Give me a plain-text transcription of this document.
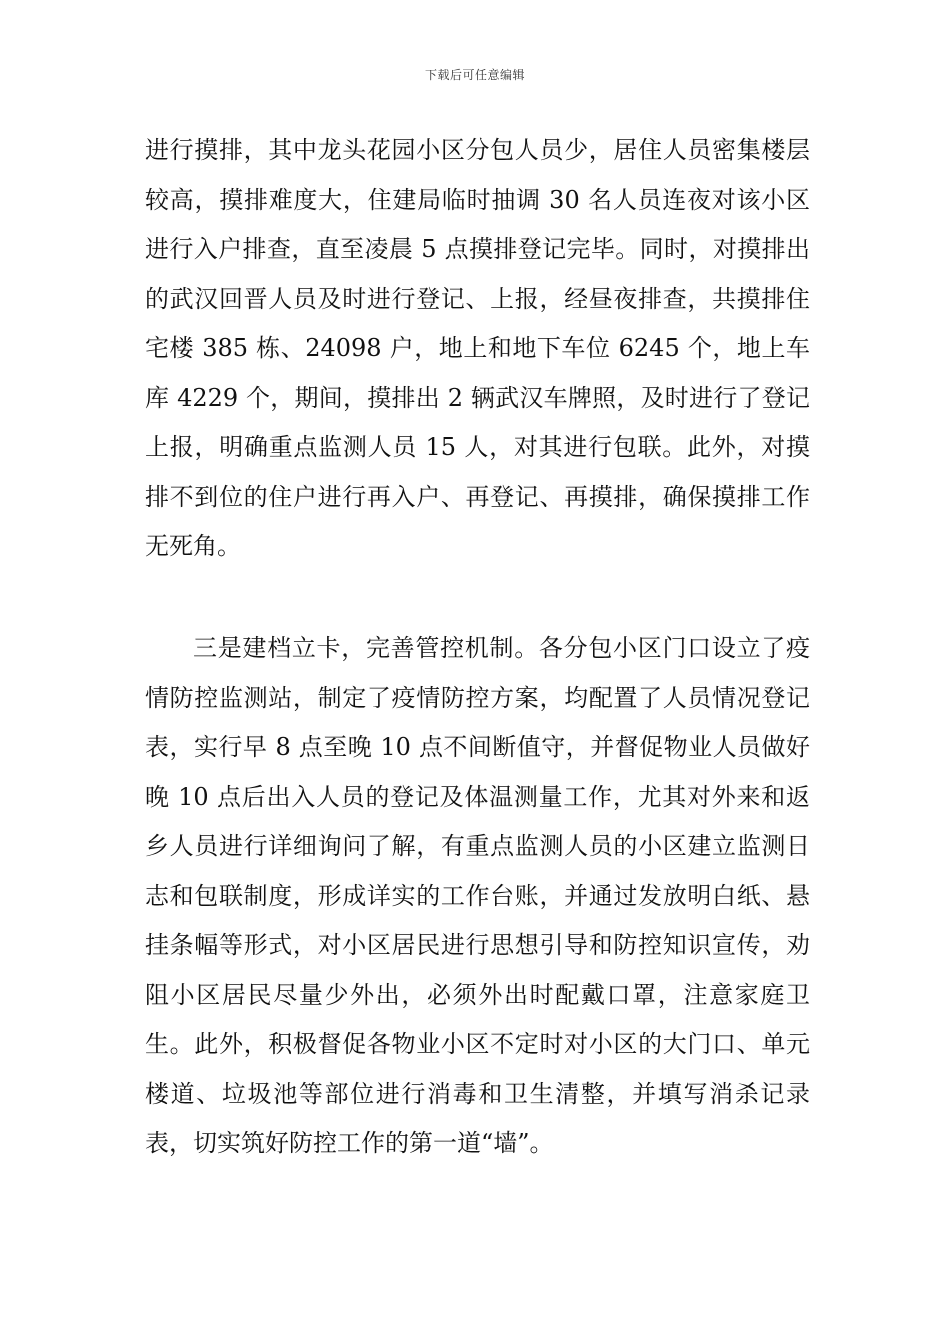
下载后可任意编辑

进行摸排，其中龙头花园小区分包人员少，居住人员密集楼层较高，摸排难度大，住建局临时抽调 30 名人员连夜对该小区进行入户排查，直至凌晨 5 点摸排登记完毕。同时，对摸排出的武汉回晋人员及时进行登记、上报，经昼夜排查，共摸排住宅楼 385 栋、24098 户，地上和地下车位 6245 个，地上车库 4229 个，期间，摸排出 2 辆武汉车牌照，及时进行了登记上报，明确重点监测人员 15 人，对其进行包联。此外，对摸排不到位的住户进行再入户、再登记、再摸排，确保摸排工作无死角。

三是建档立卡，完善管控机制。各分包小区门口设立了疫情防控监测站，制定了疫情防控方案，均配置了人员情况登记表，实行早 8 点至晚 10 点不间断值守，并督促物业人员做好晚 10 点后出入人员的登记及体温测量工作，尤其对外来和返乡人员进行详细询问了解，有重点监测人员的小区建立监测日志和包联制度，形成详实的工作台账，并通过发放明白纸、悬挂条幅等形式，对小区居民进行思想引导和防控知识宣传，劝阻小区居民尽量少外出，必须外出时配戴口罩，注意家庭卫生。此外，积极督促各物业小区不定时对小区的大门口、单元楼道、垃圾池等部位进行消毒和卫生清整，并填写消杀记录表，切实筑好防控工作的第一道“墙”。
